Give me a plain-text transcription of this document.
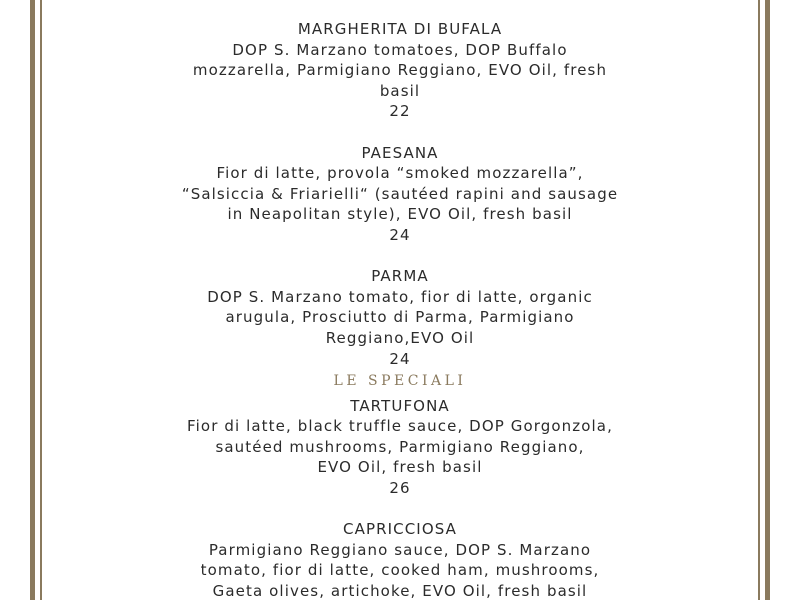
MARGHERITA DI BUFALA
DOP S. Marzano tomatoes, DOP Buffalo
mozzarella, Parmigiano Reggiano, EVO Oil, fresh
basil
22
PAESANA
Fior di latte, provola “smoked mozzarella”,
“Salsiccia & Friarielli“ (sautéed rapini and sausage
in Neapolitan style), EVO Oil, fresh basil
24
PARMA
DOP S. Marzano tomato, fior di latte, organic
arugula, Prosciutto di Parma, Parmigiano
Reggiano,EVO Oil
24
LE SPECIALI
TARTUFONA
Fior di latte, black truffle sauce, DOP Gorgonzola,
sautéed mushrooms, Parmigiano Reggiano,
EVO Oil, fresh basil
26
CAPRICCIOSA
Parmigiano Reggiano sauce, DOP S. Marzano
tomato, fior di latte, cooked ham, mushrooms,
Gaeta olives, artichoke, EVO Oil, fresh basil
